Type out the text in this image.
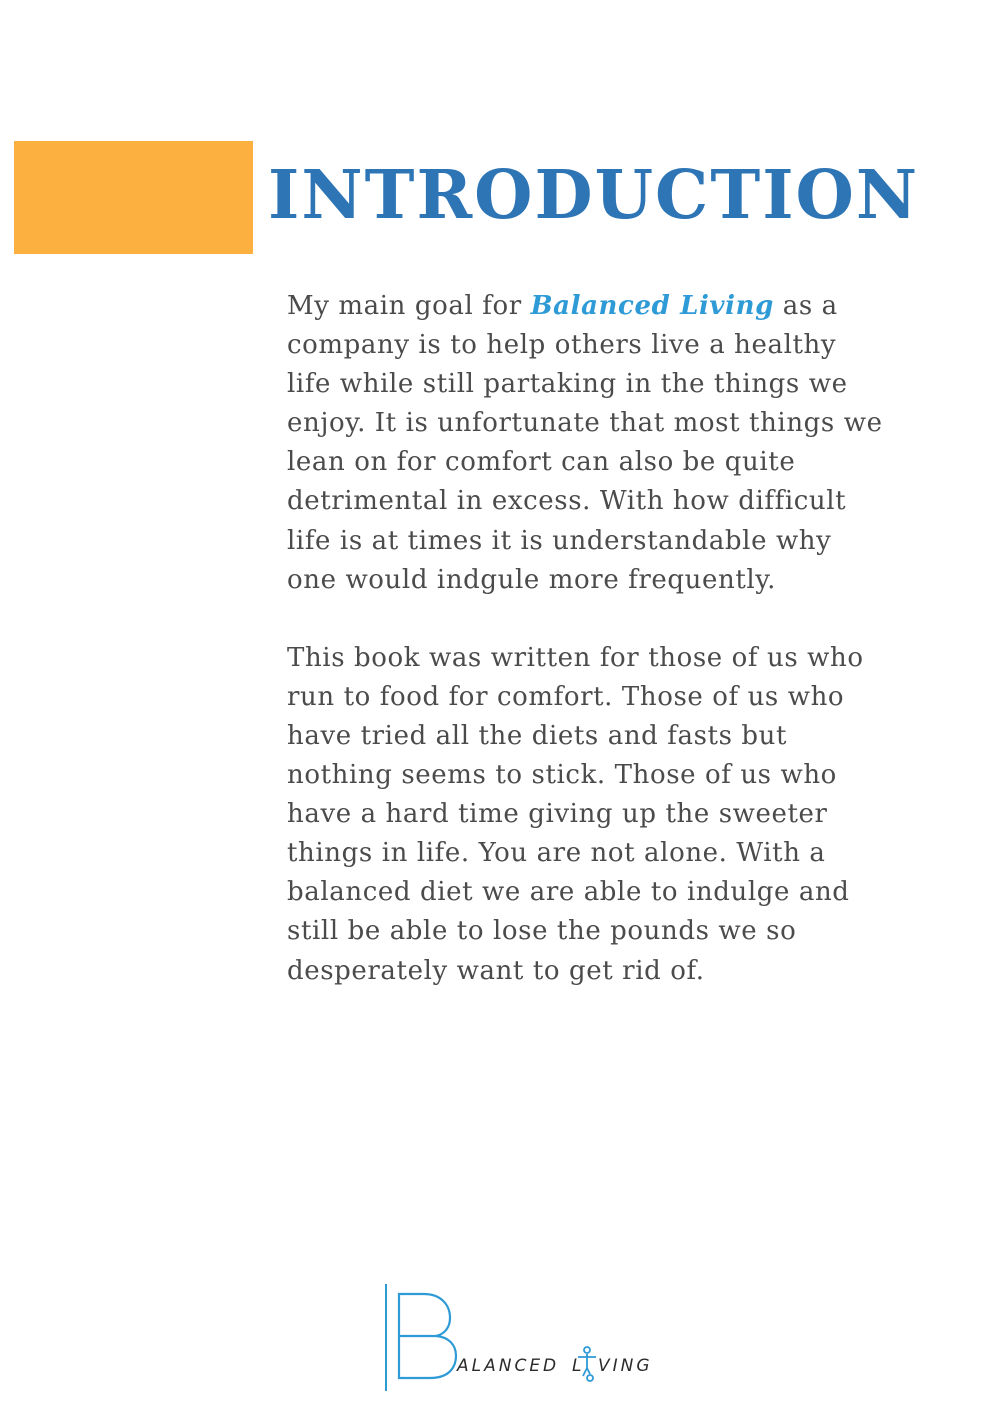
INTRODUCTION

My main goal for Balanced Living as a company is to help others live a healthy life while still partaking in the things we enjoy. It is unfortunate that most things we lean on for comfort can also be quite detrimental in excess. With how difficult life is at times it is understandable why one would indgule more frequently.

This book was written for those of us who run to food for comfort. Those of us who have tried all the diets and fasts but nothing seems to stick. Those of us who have a hard time giving up the sweeter things in life. You are not alone. With a balanced diet we are able to indulge and still be able to lose the pounds we so desperately want to get rid of.

ALANCED L VING
